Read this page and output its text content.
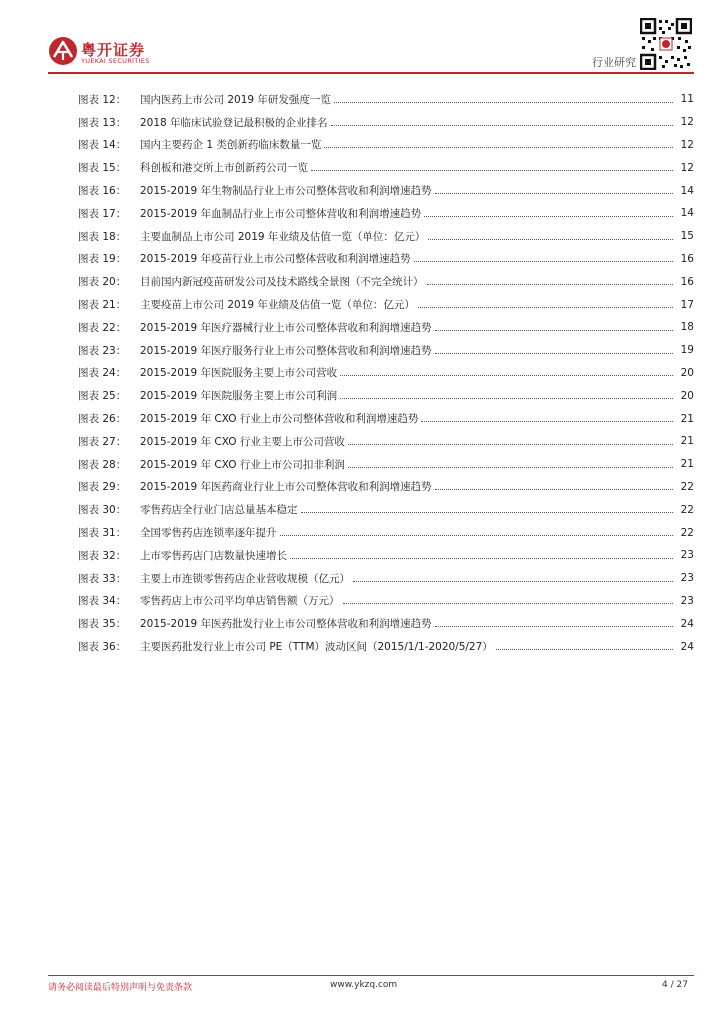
粤开证券
YUEKAI SECURITIES	行业研究
图表 12：	国内医药上市公司 2019 年研发强度一览	11
图表 13：	2018 年临床试验登记最积极的企业排名	12
图表 14：	国内主要药企 1 类创新药临床数量一览	12
图表 15：	科创板和港交所上市创新药公司一览	12
图表 16：	2015-2019 年生物制品行业上市公司整体营收和利润增速趋势	14
图表 17：	2015-2019 年血制品行业上市公司整体营收和利润增速趋势	14
图表 18：	主要血制品上市公司 2019 年业绩及估值一览（单位：亿元）	15
图表 19：	2015-2019 年疫苗行业上市公司整体营收和利润增速趋势	16
图表 20：	目前国内新冠疫苗研发公司及技术路线全景图（不完全统计）	16
图表 21：	主要疫苗上市公司 2019 年业绩及估值一览（单位：亿元）	17
图表 22：	2015-2019 年医疗器械行业上市公司整体营收和利润增速趋势	18
图表 23：	2015-2019 年医疗服务行业上市公司整体营收和利润增速趋势	19
图表 24：	2015-2019 年医院服务主要上市公司营收	20
图表 25：	2015-2019 年医院服务主要上市公司利润	20
图表 26：	2015-2019 年 CXO 行业上市公司整体营收和利润增速趋势	21
图表 27：	2015-2019 年 CXO 行业主要上市公司营收	21
图表 28：	2015-2019 年 CXO 行业上市公司扣非利润	21
图表 29：	2015-2019 年医药商业行业上市公司整体营收和利润增速趋势	22
图表 30：	零售药店全行业门店总量基本稳定	22
图表 31：	全国零售药店连锁率逐年提升	22
图表 32：	上市零售药店门店数量快速增长	23
图表 33：	主要上市连锁零售药店企业营收规模（亿元）	23
图表 34：	零售药店上市公司平均单店销售额（万元）	23
图表 35：	2015-2019 年医药批发行业上市公司整体营收和利润增速趋势	24
图表 36：	主要医药批发行业上市公司 PE（TTM）波动区间（2015/1/1-2020/5/27）	24
请务必阅读最后特别声明与免责条款	www.ykzq.com	4 / 27
